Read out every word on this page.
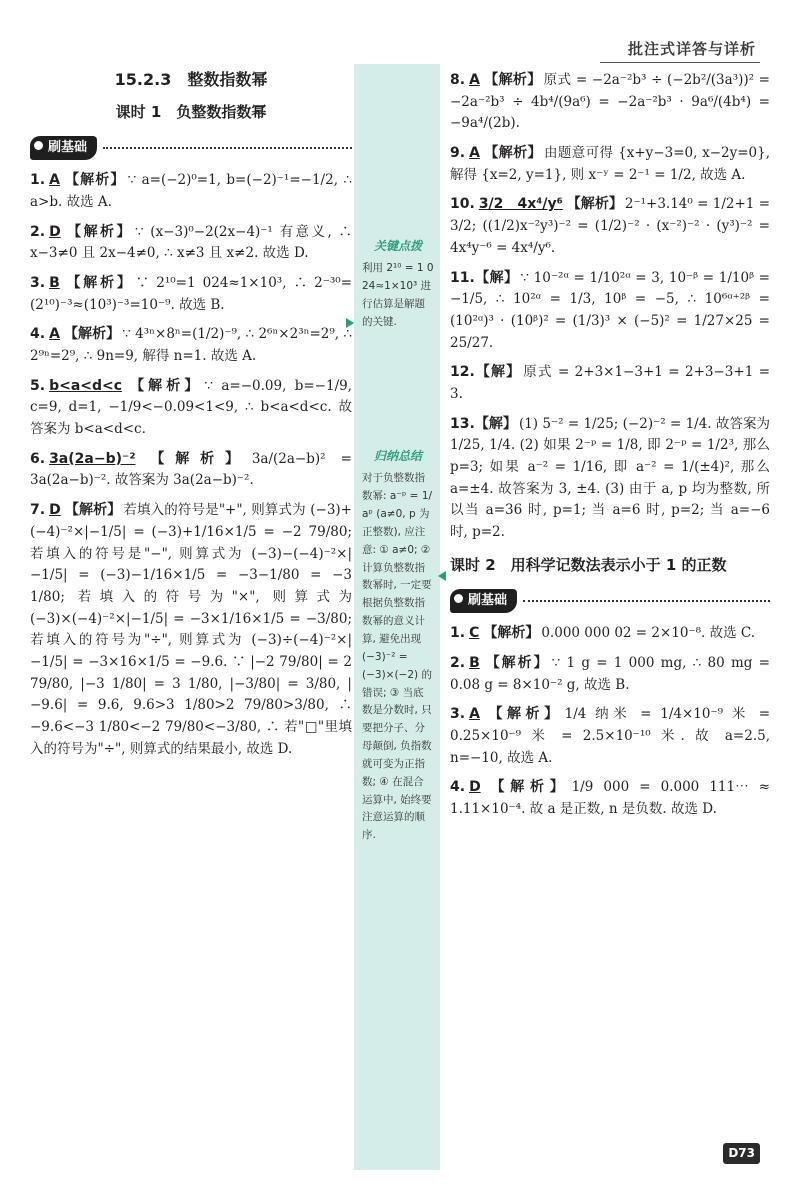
批注式详答与详析
15.2.3　整数指数幂
课时 1　负整数指数幂
刷基础
1. A 【解析】 ∵ a=(−2)⁰=1, b=(−2)⁻¹=−1/2, ∴ a>b. 故选 A.
2. D 【解析】 ∵ (x−3)⁰−2(2x−4)⁻¹ 有意义, ∴ x−3≠0 且 2x−4≠0, ∴ x≠3 且 x≠2. 故选 D.
3. B 【解析】 ∵ 2¹⁰=1 024≈1×10³, ∴ 2⁻³⁰=(2¹⁰)⁻³≈(10³)⁻³=10⁻⁹. 故选 B.
4. A 【解析】 ∵ 4³ⁿ×8ⁿ=(1/2)⁻⁹, ∴ 2⁶ⁿ×2³ⁿ=2⁹, ∴ 2⁹ⁿ=2⁹, ∴ 9n=9, 解得 n=1. 故选 A.
5. b<a<d<c 【解析】 ∵ a=−0.09, b=−1/9, c=9, d=1, −1/9<−0.09<1<9, ∴ b<a<d<c. 故答案为 b<a<d<c.
6. 3a(2a−b)⁻² 【解析】 3a/(2a−b)² = 3a(2a−b)⁻². 故答案为 3a(2a−b)⁻².
7. D 【解析】 若填入的符号是"+", 则算式为 (−3)+(−4)⁻²×|−1/5| = (−3)+1/16×1/5 = −2 79/80; 若填入的符号是"−", 则算式为 (−3)−(−4)⁻²×|−1/5| = (−3)−1/16×1/5 = −3−1/80 = −3 1/80; 若填入的符号为"×", 则算式为 (−3)×(−4)⁻²×|−1/5| = −3×1/16×1/5 = −3/80; 若填入的符号为"÷", 则算式为 (−3)÷(−4)⁻²×|−1/5| = −3×16×1/5 = −9.6. ∵ |−2 79/80| = 2 79/80, |−3 1/80| = 3 1/80, |−3/80| = 3/80, |−9.6| = 9.6, 9.6>3 1/80>2 79/80>3/80, ∴ −9.6<−3 1/80<−2 79/80<−3/80, ∴ 若"□"里填入的符号为"÷", 则算式的结果最小, 故选 D.
关键点拨
利用 2¹⁰ = 1 024≈1×10³ 进行估算是解题的关键.
归纳总结
对于负整数指数幂: a⁻ᵖ = 1/aᵖ (a≠0, p 为正整数), 应注意: ① a≠0; ② 计算负整数指数幂时, 一定要根据负整数指数幂的意义计算, 避免出现 (−3)⁻² = (−3)×(−2) 的错误; ③ 当底数是分数时, 只要把分子、分母颠倒, 负指数就可变为正指数; ④ 在混合运算中, 始终要注意运算的顺序.
8. A 【解析】 原式 = −2a⁻²b³ ÷ (−2b²/(3a³))² = −2a⁻²b³ ÷ 4b⁴/(9a⁶) = −2a⁻²b³ · 9a⁶/(4b⁴) = −9a⁴/(2b).
9. A 【解析】 由题意可得 {x+y−3=0, x−2y=0}, 解得 {x=2, y=1}, 则 x⁻ʸ = 2⁻¹ = 1/2, 故选 A.
10. 3/2　4x⁴/y⁶ 【解析】 2⁻¹+3.14⁰ = 1/2+1 = 3/2; ((1/2)x⁻²y³)⁻² = (1/2)⁻² · (x⁻²)⁻² · (y³)⁻² = 4x⁴y⁻⁶ = 4x⁴/y⁶.
11.【解】 ∵ 10⁻²ᵅ = 1/10²ᵅ = 3, 10⁻ᵝ = 1/10ᵝ = −1/5, ∴ 10²ᵅ = 1/3, 10ᵝ = −5, ∴ 10⁶ᵅ⁺²ᵝ = (10²ᵅ)³ · (10ᵝ)² = (1/3)³ × (−5)² = 1/27×25 = 25/27.
12.【解】 原式 = 2+3×1−3+1 = 2+3−3+1 = 3.
13.【解】 (1) 5⁻² = 1/25; (−2)⁻² = 1/4. 故答案为 1/25, 1/4. (2) 如果 2⁻ᵖ = 1/8, 即 2⁻ᵖ = 1/2³, 那么 p=3; 如果 a⁻² = 1/16, 即 a⁻² = 1/(±4)², 那么 a=±4. 故答案为 3, ±4. (3) 由于 a, p 均为整数, 所以当 a=36 时, p=1; 当 a=6 时, p=2; 当 a=−6 时, p=2.
课时 2　用科学记数法表示小于 1 的正数
刷基础
1. C 【解析】 0.000 000 02 = 2×10⁻⁸. 故选 C.
2. B 【解析】 ∵ 1 g = 1 000 mg, ∴ 80 mg = 0.08 g = 8×10⁻² g, 故选 B.
3. A 【解析】 1/4 纳米 = 1/4×10⁻⁹ 米 = 0.25×10⁻⁹ 米 = 2.5×10⁻¹⁰ 米. 故 a=2.5, n=−10, 故选 A.
4. D 【解析】 1/9 000 = 0.000 111⋯ ≈ 1.11×10⁻⁴. 故 a 是正数, n 是负数. 故选 D.
D73
